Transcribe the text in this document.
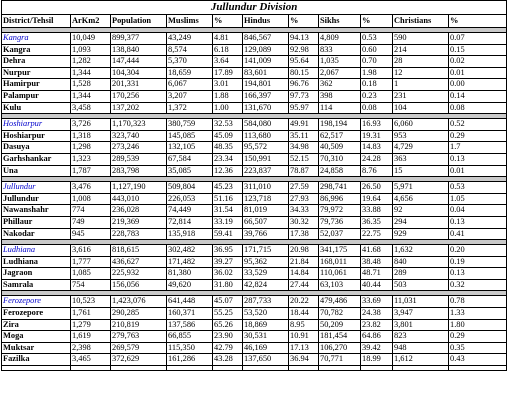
Jullundur Division										
District/Tehsil	ArKm2	Population	Muslims	%	Hindus	%	Sikhs	%	Christians	%

Kangra	10,049	899,377	43,249	4.81	846,567	94.13	4,809	0.53	590	0.07
Kangra	1,093	138,840	8,574	6.18	129,089	92.98	833	0.60	214	0.15
Dehra	1,282	147,444	5,370	3.64	141,009	95.64	1,035	0.70	28	0.02
Nurpur	1,344	104,304	18,659	17.89	83,601	80.15	2,067	1.98	12	0.01
Hamirpur	1,528	201,331	6,067	3.01	194,801	96.76	362	0.18	1	0.00
Palampur	1,344	170,256	3,207	1.88	166,397	97.73	398	0.23	231	0.14
Kulu	3,458	137,202	1,372	1.00	131,670	95.97	114	0.08	104	0.08

Hoshiarpur	3,726	1,170,323	380,759	32.53	584,080	49.91	198,194	16.93	6,060	0.52
Hoshiarpur	1,318	323,740	145,085	45.09	113,680	35.11	62,517	19.31	953	0.29
Dasuya	1,298	273,246	132,105	48.35	95,572	34.98	40,509	14.83	4,729	1.7
Garhshankar	1,323	289,539	67,584	23.34	150,991	52.15	70,310	24.28	363	0.13
Una	1,787	283,798	35,085	12.36	223,837	78.87	24,858	8.76	15	0.01

Jullundur	3,476	1,127,190	509,804	45.23	311,010	27.59	298,741	26.50	5,971	0.53
Jullundur	1,008	443,010	226,053	51.16	123,718	27.93	86,996	19.64	4,656	1.05
Nawanshahr	774	236,028	74,449	31.54	81,019	34.33	79,972	33.88	92	0.04
Phillaur	749	219,369	72,814	33.19	66,507	30.32	79,736	36.35	294	0.13
Nakodar	945	228,783	135,918	59.41	39,766	17.38	52,037	22.75	929	0.41

Ludhiana	3,616	818,615	302,482	36.95	171,715	20.98	341,175	41.68	1,632	0.20
Ludhiana	1,777	436,627	171,482	39.27	95,362	21.84	168,011	38.48	840	0.19
Jagraon	1,085	225,932	81,380	36.02	33,529	14.84	110,061	48.71	289	0.13
Samrala	754	156,056	49,620	31.80	42,824	27.44	63,103	40.44	503	0.32

Ferozepore	10,523	1,423,076	641,448	45.07	287,733	20.22	479,486	33.69	11,031	0.78
Ferozepore	1,761	290,285	160,371	55.25	53,520	18.44	70,782	24.38	3,947	1.33
Zira	1,279	210,819	137,586	65.26	18,869	8.95	50,209	23.82	3,801	1.80
Moga	1,619	279,763	66,855	23.90	30,531	10.91	181,454	64.86	823	0.29
Muktsar	2,398	269,579	115,350	42.79	46,169	17.13	106,270	39.42	948	0.35
Fazilka	3,465	372,629	161,286	43.28	137,650	36.94	70,771	18.99	1,612	0.43
